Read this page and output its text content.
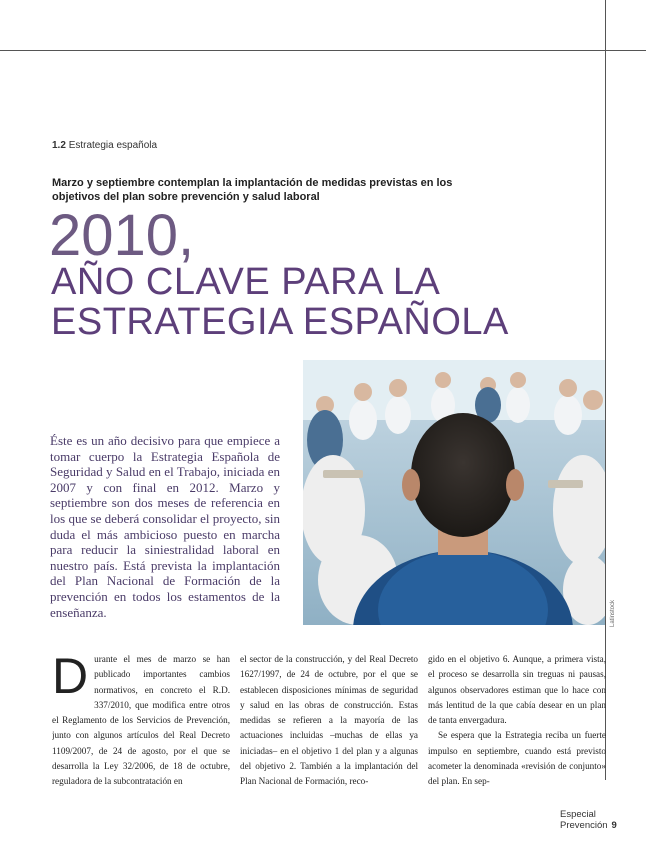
1.2 Estrategia española
Marzo y septiembre contemplan la implantación de medidas previstas en los objetivos del plan sobre prevención y salud laboral
2010,
AÑO CLAVE PARA LA
ESTRATEGIA ESPAÑOLA
Éste es un año decisivo para que empiece a tomar cuerpo la Estrategia Española de Seguridad y Salud en el Trabajo, iniciada en 2007 y con final en 2012. Marzo y septiembre son dos meses de referencia en los que se deberá consolidar el proyecto, sin duda el más ambicioso puesto en marcha para reducir la siniestralidad laboral en nuestro país. Está prevista la implantación del Plan Nacional de Formación de la prevención en todos los estamentos de la enseñanza.	Latinstock

Durante el mes de marzo se han publicado importantes cambios normativos, en concreto el R.D. 337/2010, que modifica entre otros el Reglamento de los Servicios de Prevención, junto con algunos artículos del Real Decreto 1109/2007, de 24 de agosto, por el que se desarrolla la Ley 32/2006, de 18 de octubre, reguladora de la subcontratación en

el sector de la construcción, y del Real Decreto 1627/1997, de 24 de octubre, por el que se establecen disposiciones mínimas de seguridad y salud en las obras de construcción. Estas medidas se refieren a la mayoría de las actuaciones incluidas –muchas de ellas ya iniciadas– en el objetivo 1 del plan y a algunas del objetivo 2. También a la implantación del Plan Nacional de Formación, reco-

gido en el objetivo 6. Aunque, a primera vista, el proceso se desarrolla sin treguas ni pausas, algunos observadores estiman que lo hace con más lentitud de la que cabía desear en un plan de tanta envergadura.

Se espera que la Estrategia reciba un fuerte impulso en septiembre, cuando está previsto acometer la denominada «revisión de conjunto» del plan. En sep-

Especial Prevención 9
